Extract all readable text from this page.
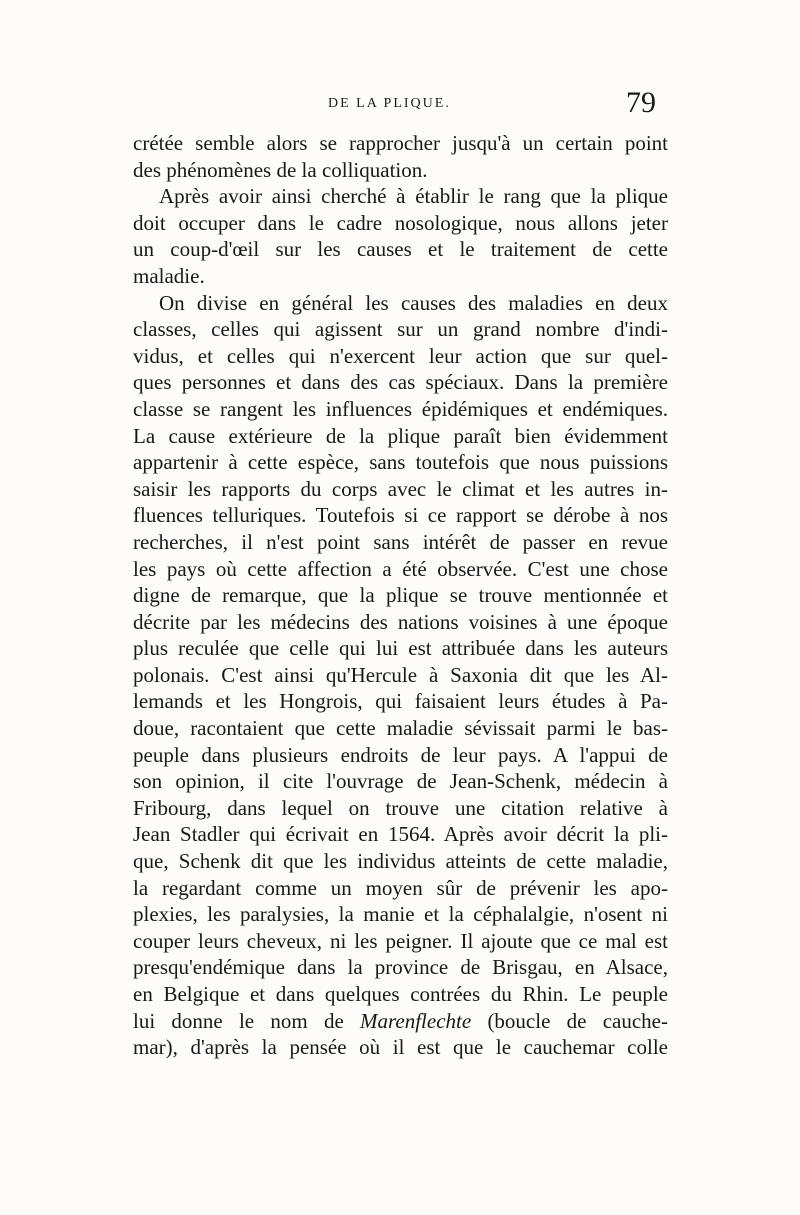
DE LA PLIQUE.	79
crétée semble alors se rapprocher jusqu'à un certain point
des phénomènes de la colliquation.
Après avoir ainsi cherché à établir le rang que la plique
doit occuper dans le cadre nosologique, nous allons jeter
un coup-d'œil sur les causes et le traitement de cette
maladie.
On divise en général les causes des maladies en deux
classes, celles qui agissent sur un grand nombre d'indi-
vidus, et celles qui n'exercent leur action que sur quel-
ques personnes et dans des cas spéciaux. Dans la première
classe se rangent les influences épidémiques et endémiques.
La cause extérieure de la plique paraît bien évidemment
appartenir à cette espèce, sans toutefois que nous puissions
saisir les rapports du corps avec le climat et les autres in-
fluences telluriques. Toutefois si ce rapport se dérobe à nos
recherches, il n'est point sans intérêt de passer en revue
les pays où cette affection a été observée. C'est une chose
digne de remarque, que la plique se trouve mentionnée et
décrite par les médecins des nations voisines à une époque
plus reculée que celle qui lui est attribuée dans les auteurs
polonais. C'est ainsi qu'Hercule à Saxonia dit que les Al-
lemands et les Hongrois, qui faisaient leurs études à Pa-
doue, racontaient que cette maladie sévissait parmi le bas-
peuple dans plusieurs endroits de leur pays. A l'appui de
son opinion, il cite l'ouvrage de Jean-Schenk, médecin à
Fribourg, dans lequel on trouve une citation relative à
Jean Stadler qui écrivait en 1564. Après avoir décrit la pli-
que, Schenk dit que les individus atteints de cette maladie,
la regardant comme un moyen sûr de prévenir les apo-
plexies, les paralysies, la manie et la céphalalgie, n'osent ni
couper leurs cheveux, ni les peigner. Il ajoute que ce mal est
presqu'endémique dans la province de Brisgau, en Alsace,
en Belgique et dans quelques contrées du Rhin. Le peuple
lui donne le nom de Marenflechte (boucle de cauche-
mar), d'après la pensée où il est que le cauchemar colle
